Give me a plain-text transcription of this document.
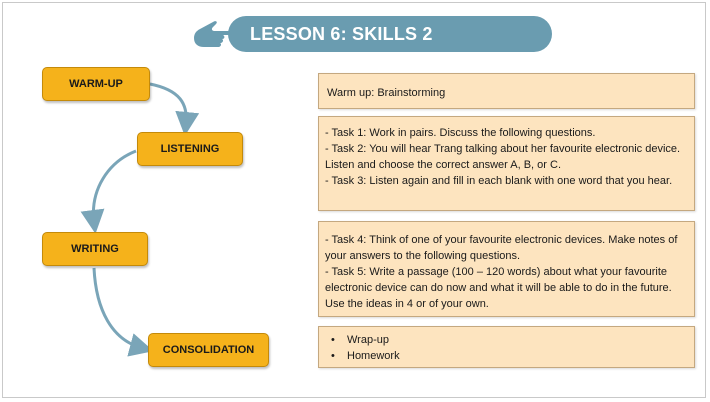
LESSON 6: SKILLS 2
WARM-UP
LISTENING
WRITING
CONSOLIDATION

Warm up: Brainstorming

- Task 1: Work in pairs. Discuss the following questions.

- Task 2: You will hear Trang talking about her favourite electronic device. Listen and choose the correct answer A, B, or C.

- Task 3: Listen again and fill in each blank with one word that you hear.

- Task 4: Think of one of your favourite electronic devices. Make notes of your answers to the following questions.

- Task 5: Write a passage (100 – 120 words) about what your favourite electronic device can do now and what it will be able to do in the future. Use the ideas in 4 or of your own.

• Wrap-up
• Homework
